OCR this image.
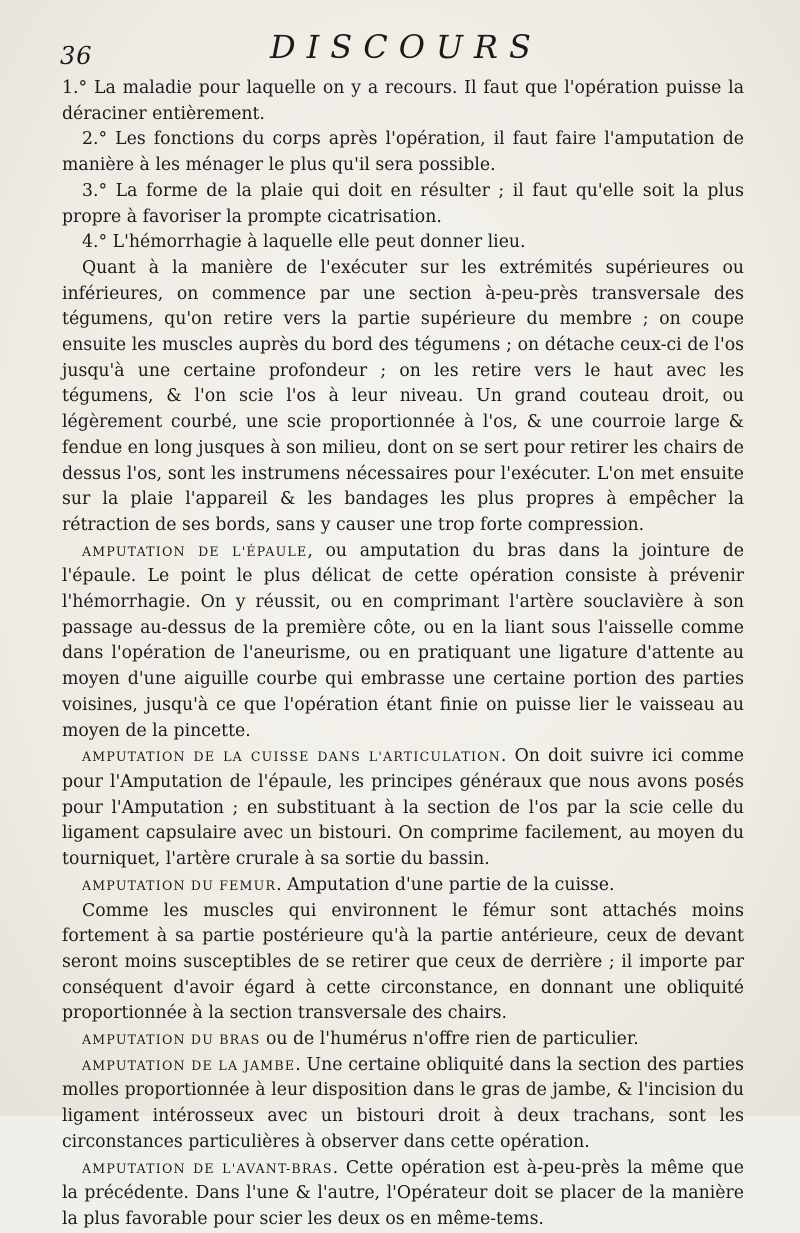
36	DISCOURS

1.° La maladie pour laquelle on y a recours. Il faut que l'opération puisse la déraciner entièrement.

2.° Les fonctions du corps après l'opération, il faut faire l'amputation de manière à les ménager le plus qu'il sera possible.

3.° La forme de la plaie qui doit en résulter ; il faut qu'elle soit la plus propre à favoriser la prompte cicatrisation.

4.° L'hémorrhagie à laquelle elle peut donner lieu.

Quant à la manière de l'exécuter sur les extrémités supérieures ou inférieures, on commence par une section à-peu-près transversale des tégumens, qu'on retire vers la partie supérieure du membre ; on coupe ensuite les muscles auprès du bord des tégumens ; on détache ceux-ci de l'os jusqu'à une certaine profondeur ; on les retire vers le haut avec les tégumens, & l'on scie l'os à leur niveau. Un grand couteau droit, ou légèrement courbé, une scie proportionnée à l'os, & une courroie large & fendue en long jusques à son milieu, dont on se sert pour retirer les chairs de dessus l'os, sont les instrumens nécessaires pour l'exécuter. L'on met ensuite sur la plaie l'appareil & les bandages les plus propres à empêcher la rétraction de ses bords, sans y causer une trop forte compression.

AMPUTATION DE L'ÉPAULE, ou amputation du bras dans la jointure de l'épaule. Le point le plus délicat de cette opération consiste à prévenir l'hémorrhagie. On y réussit, ou en comprimant l'artère souclavière à son passage au-dessus de la première côte, ou en la liant sous l'aisselle comme dans l'opération de l'aneurisme, ou en pratiquant une ligature d'attente au moyen d'une aiguille courbe qui embrasse une certaine portion des parties voisines, jusqu'à ce que l'opération étant finie on puisse lier le vaisseau au moyen de la pincette.

AMPUTATION DE LA CUISSE DANS L'ARTICULATION. On doit suivre ici comme pour l'Amputation de l'épaule, les principes généraux que nous avons posés pour l'Amputation ; en substituant à la section de l'os par la scie celle du ligament capsulaire avec un bistouri. On comprime facilement, au moyen du tourniquet, l'artère crurale à sa sortie du bassin.

AMPUTATION DU FEMUR. Amputation d'une partie de la cuisse.

Comme les muscles qui environnent le fémur sont attachés moins fortement à sa partie postérieure qu'à la partie antérieure, ceux de devant seront moins susceptibles de se retirer que ceux de derrière ; il importe par conséquent d'avoir égard à cette circonstance, en donnant une obliquité proportionnée à la section transversale des chairs.

AMPUTATION DU BRAS ou de l'humérus n'offre rien de particulier.

AMPUTATION DE LA JAMBE. Une certaine obliquité dans la section des parties molles proportionnée à leur disposition dans le gras de jambe, & l'incision du ligament intérosseux avec un bistouri droit à deux trachans, sont les circonstances particulières à observer dans cette opération.

AMPUTATION DE L'AVANT-BRAS. Cette opération est à-peu-près la même que la précédente. Dans l'une & l'autre, l'Opérateur doit se placer de la manière la plus favorable pour scier les deux os en même-tems.
